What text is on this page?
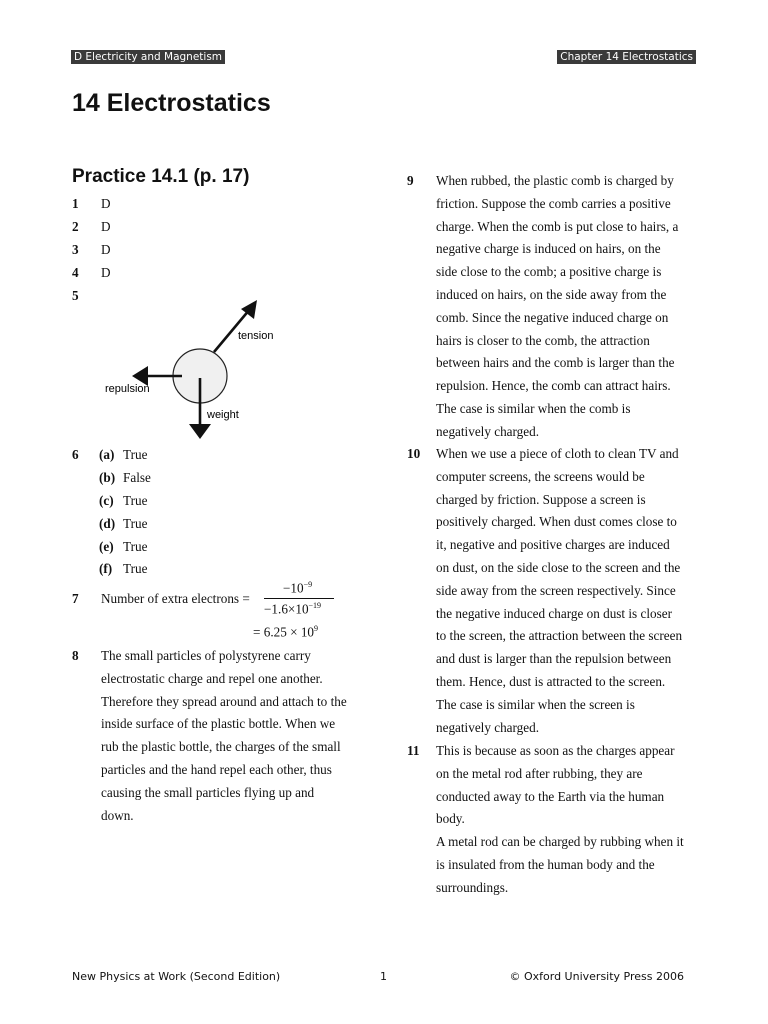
D Electricity and Magnetism	Chapter 14 Electrostatics
14 Electrostatics
Practice 14.1 (p. 17)
1 D
2 D
3 D
4 D
5
tension
repulsion
weight
6	(a) True
(b) False
(c) True
(d) True
(e) True
(f) True
7 Number of extra electrons =
$-10^{-9}$
$-1.6\times 10^{-19}$
= $6.25 \times 10^9$
8 The small particles of polystyrene carry
electrostatic charge and repel one another.
Therefore they spread around and attach to the
inside surface of the plastic bottle. When we
rub the plastic bottle, the charges of the small
particles and the hand repel each other, thus
causing the small particles flying up and
down.
9 When rubbed, the plastic comb is charged by
friction. Suppose the comb carries a positive
charge. When the comb is put close to hairs, a
negative charge is induced on hairs, on the
side close to the comb; a positive charge is
induced on hairs, on the side away from the
comb. Since the negative induced charge on
hairs is closer to the comb, the attraction
between hairs and the comb is larger than the
repulsion. Hence, the comb can attract hairs.
The case is similar when the comb is
negatively charged.
10 When we use a piece of cloth to clean TV and
computer screens, the screens would be
charged by friction. Suppose a screen is
positively charged. When dust comes close to
it, negative and positive charges are induced
on dust, on the side close to the screen and the
side away from the screen respectively. Since
the negative induced charge on dust is closer
to the screen, the attraction between the screen
and dust is larger than the repulsion between
them. Hence, dust is attracted to the screen.
The case is similar when the screen is
negatively charged.
11 This is because as soon as the charges appear
on the metal rod after rubbing, they are
conducted away to the Earth via the human
body.
A metal rod can be charged by rubbing when it
is insulated from the human body and the
surroundings.
New Physics at Work (Second Edition)	1	© Oxford University Press 2006
